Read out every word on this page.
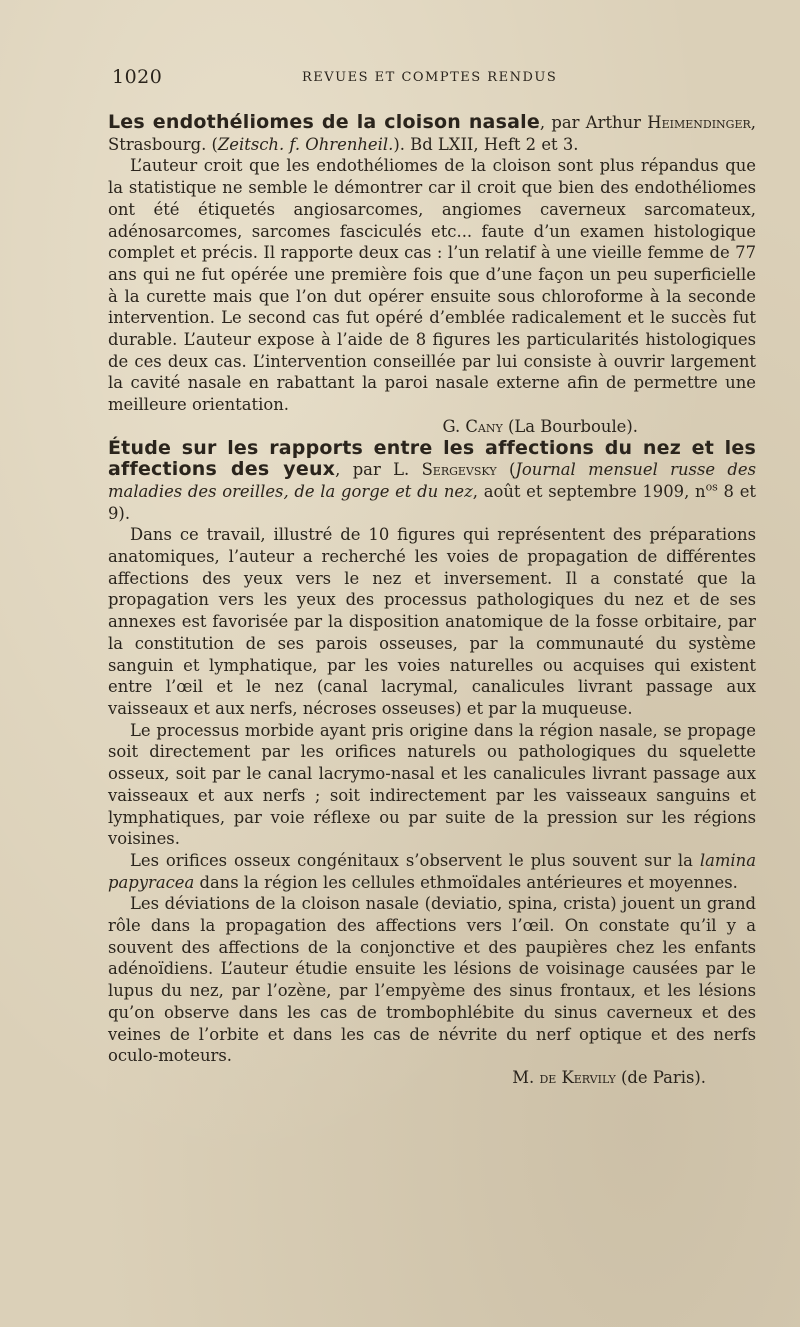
1020	REVUES ET COMPTES RENDUS

Les endothéliomes de la cloison nasale, par Arthur Heimendinger, Strasbourg. (Zeitsch. f. Ohrenheil.). Bd LXII, Heft 2 et 3.

L’auteur croit que les endothéliomes de la cloison sont plus répandus que la statistique ne semble le démontrer car il croit que bien des endothéliomes ont été étiquetés angiosarcomes, angiomes caverneux sarcomateux, adénosarcomes, sarcomes fasciculés etc... faute d’un examen histologique complet et précis. Il rapporte deux cas : l’un relatif à une vieille femme de 77 ans qui ne fut opérée une première fois que d’une façon un peu superficielle à la curette mais que l’on dut opérer ensuite sous chloroforme à la seconde intervention. Le second cas fut opéré d’emblée radicalement et le succès fut durable. L’auteur expose à l’aide de 8 figures les particularités histologiques de ces deux cas. L’intervention conseillée par lui consiste à ouvrir largement la cavité nasale en rabattant la paroi nasale externe afin de permettre une meilleure orientation.

G. Cany (La Bourboule).

Étude sur les rapports entre les affections du nez et les affections des yeux, par L. Sergevsky (Journal mensuel russe des maladies des oreilles, de la gorge et du nez, août et septembre 1909, $n^{os}$ 8 et 9).

Dans ce travail, illustré de 10 figures qui représentent des préparations anatomiques, l’auteur a recherché les voies de propagation de différentes affections des yeux vers le nez et inversement. Il a constaté que la propagation vers les yeux des processus pathologiques du nez et de ses annexes est favorisée par la disposition anatomique de la fosse orbitaire, par la constitution de ses parois osseuses, par la communauté du système sanguin et lymphatique, par les voies naturelles ou acquises qui existent entre l’œil et le nez (canal lacrymal, canalicules livrant passage aux vaisseaux et aux nerfs, nécroses osseuses) et par la muqueuse.

Le processus morbide ayant pris origine dans la région nasale, se propage soit directement par les orifices naturels ou pathologiques du squelette osseux, soit par le canal lacrymo-nasal et les canalicules livrant passage aux vaisseaux et aux nerfs ; soit indirectement par les vaisseaux sanguins et lymphatiques, par voie réflexe ou par suite de la pression sur les régions voisines.

Les orifices osseux congénitaux s’observent le plus souvent sur la lamina papyracea dans la région les cellules ethmoïdales antérieures et moyennes.

Les déviations de la cloison nasale (deviatio, spina, crista) jouent un grand rôle dans la propagation des affections vers l’œil. On constate qu’il y a souvent des affections de la conjonctive et des paupières chez les enfants adénoïdiens. L’auteur étudie ensuite les lésions de voisinage causées par le lupus du nez, par l’ozène, par l’empyème des sinus frontaux, et les lésions qu’on observe dans les cas de trombophlébite du sinus caverneux et des veines de l’orbite et dans les cas de névrite du nerf optique et des nerfs oculo-moteurs.

M. de Kervily (de Paris).
